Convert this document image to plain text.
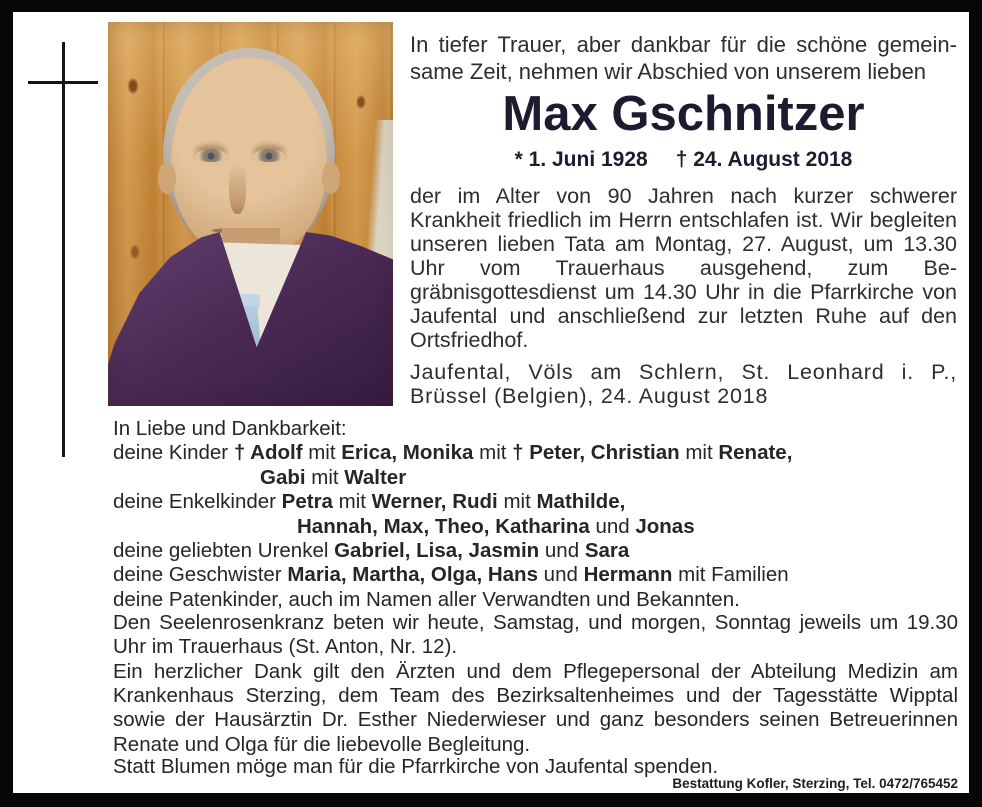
In tiefer Trauer, aber dankbar für die schöne gemeinsame Zeit, nehmen wir Abschied von unserem lieben
Max Gschnitzer
* 1. Juni 1928 † 24. August 2018
der im Alter von 90 Jahren nach kurzer schwerer Krankheit friedlich im Herrn entschlafen ist. Wir begleiten unseren lieben Tata am Montag, 27. August, um 13.30 Uhr vom Trauerhaus ausgehend, zum Begräbnisgottesdienst um 14.30 Uhr in die Pfarrkirche von Jaufental und anschließend zur letzten Ruhe auf den Ortsfriedhof.
Jaufental, Völs am Schlern, St. Leonhard i. P., Brüssel (Belgien), 24. August 2018
In Liebe und Dankbarkeit:
deine Kinder † Adolf mit Erica, Monika mit † Peter, Christian mit Renate,
Gabi mit Walter
deine Enkelkinder Petra mit Werner, Rudi mit Mathilde,
Hannah, Max, Theo, Katharina und Jonas
deine geliebten Urenkel Gabriel, Lisa, Jasmin und Sara
deine Geschwister Maria, Martha, Olga, Hans und Hermann mit Familien
deine Patenkinder, auch im Namen aller Verwandten und Bekannten.
Den Seelenrosenkranz beten wir heute, Samstag, und morgen, Sonntag jeweils um 19.30 Uhr im Trauerhaus (St. Anton, Nr. 12).
Ein herzlicher Dank gilt den Ärzten und dem Pflegepersonal der Abteilung Medizin am Krankenhaus Sterzing, dem Team des Bezirksaltenheimes und der Tagesstätte Wipptal sowie der Hausärztin Dr. Esther Niederwieser und ganz besonders seinen Betreuerinnen Renate und Olga für die liebevolle Begleitung.
Statt Blumen möge man für die Pfarrkirche von Jaufental spenden.
Bestattung Kofler, Sterzing, Tel. 0472/765452
